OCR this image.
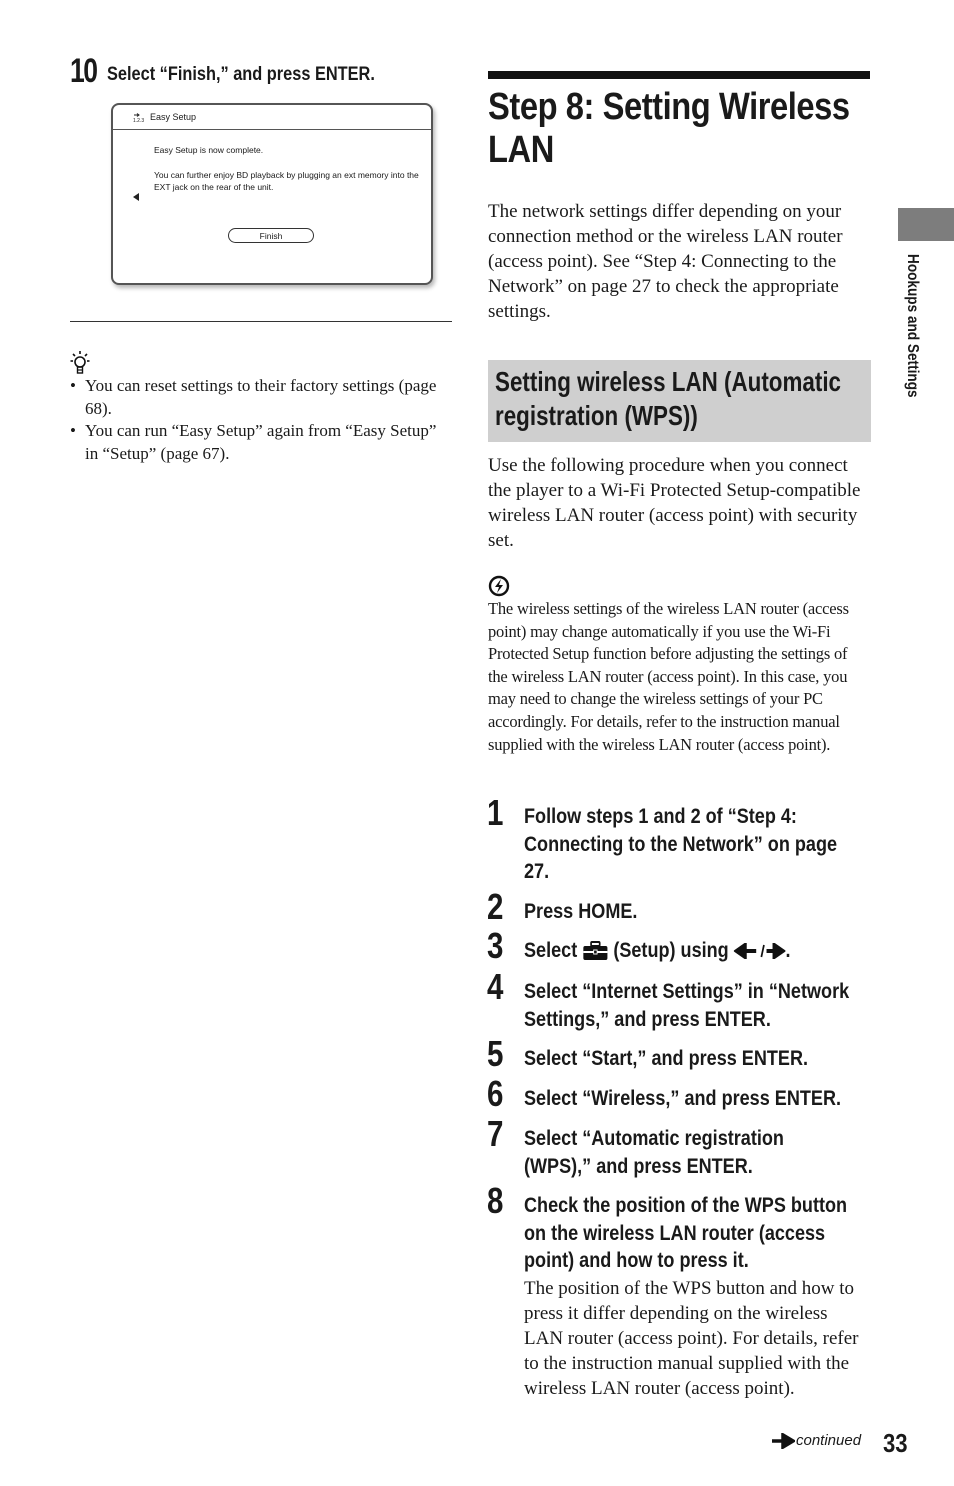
10 Select “Finish,” and press ENTER.
1.2.3 Easy Setup
Easy Setup is now complete.
You can further enjoy BD playback by plugging an ext memory into the EXT jack on the rear of the unit.
Finish
• You can reset settings to their factory settings (page 68).
• You can run “Easy Setup” again from “Easy Setup” in “Setup” (page 67).
Step 8: Setting Wireless LAN

The network settings differ depending on your connection method or the wireless LAN router (access point). See “Step 4: Connecting to the Network” on page 27 to check the appropriate settings.

Setting wireless LAN (Automatic registration (WPS))

Use the following procedure when you connect the player to a Wi-Fi Protected Setup-compatible wireless LAN router (access point) with security set.

The wireless settings of the wireless LAN router (access point) may change automatically if you use the Wi-Fi Protected Setup function before adjusting the settings of the wireless LAN router (access point). In this case, you may need to change the wireless settings of your PC accordingly. For details, refer to the instruction manual supplied with the wireless LAN router (access point).

1 Follow steps 1 and 2 of “Step 4: Connecting to the Network” on page 27.
2 Press HOME.
3 Select (Setup) using	.
4 Select “Internet Settings” in “Network Settings,” and press ENTER.
5 Select “Start,” and press ENTER.
6 Select “Wireless,” and press ENTER.
7 Select “Automatic registration (WPS),” and press ENTER.
8 Check the position of the WPS button on the wireless LAN router (access point) and how to press it.

The position of the WPS button and how to press it differ depending on the wireless LAN router (access point). For details, refer to the instruction manual supplied with the wireless LAN router (access point).

Hookups and Settings
continued 33
